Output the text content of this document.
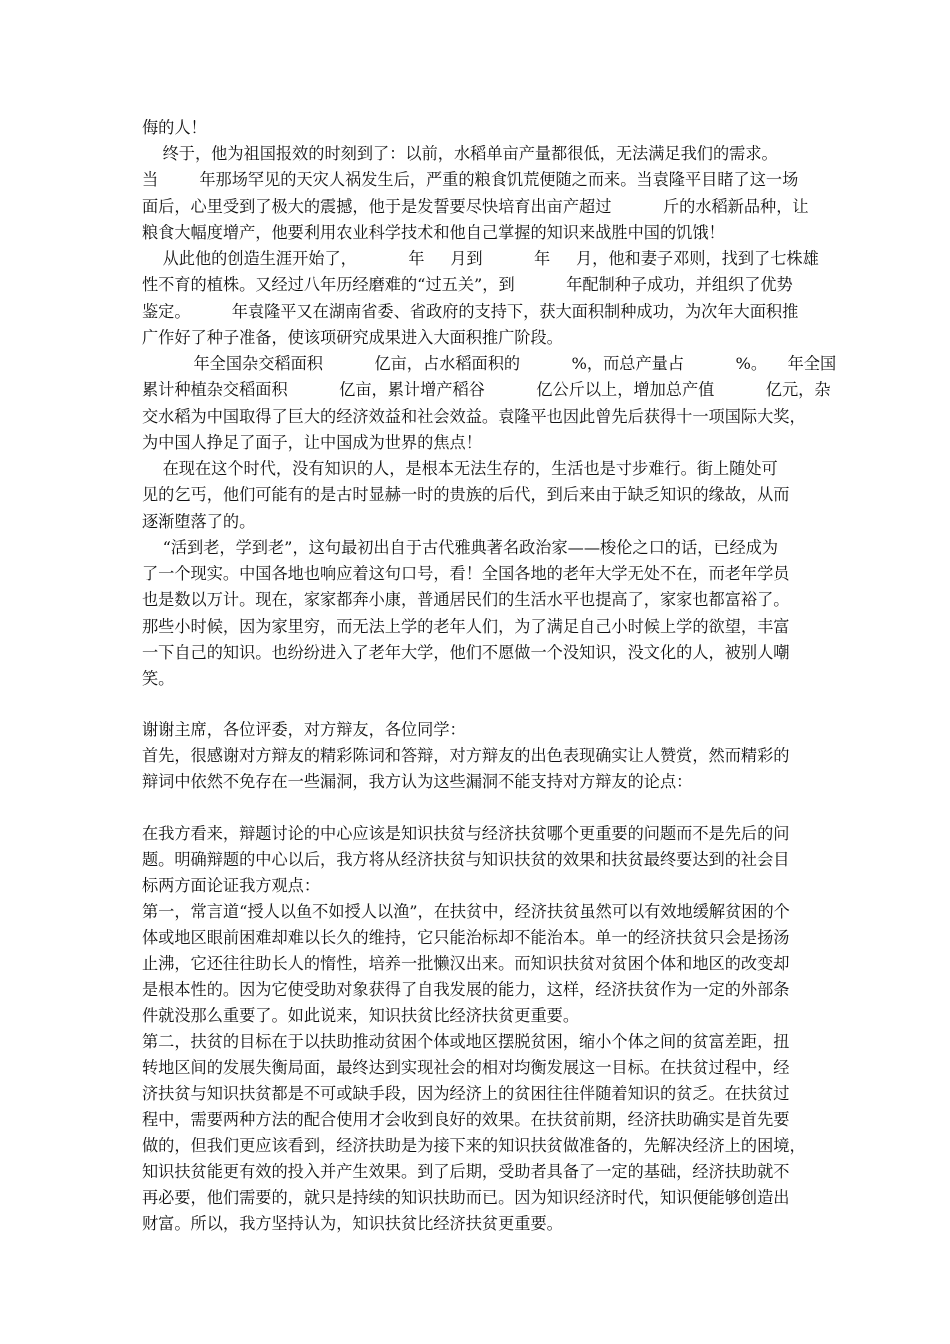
侮的人！
终于，他为祖国报效的时刻到了：以前，水稻单亩产量都很低，无法满足我们的需求。
当        年那场罕见的天灾人祸发生后，严重的粮食饥荒便随之而来。当袁隆平目睹了这一场
面后，心里受到了极大的震撼，他于是发誓要尽快培育出亩产超过          斤的水稻新品种，让
粮食大幅度增产，他要利用农业科学技术和他自己掌握的知识来战胜中国的饥饿！
从此他的创造生涯开始了，          年     月到          年     月，他和妻子邓则，找到了七株雄
性不育的植株。又经过八年历经磨难的“过五关”，到          年配制种子成功，并组织了优势
鉴定。        年袁隆平又在湖南省委、省政府的支持下，获大面积制种成功，为次年大面积推
广作好了种子准备，使该项研究成果进入大面积推广阶段。
年全国杂交稻面积          亿亩，占水稻面积的          %，而总产量占          %。    年全国
累计种植杂交稻面积          亿亩，累计增产稻谷          亿公斤以上，增加总产值          亿元，杂
交水稻为中国取得了巨大的经济效益和社会效益。袁隆平也因此曾先后获得十一项国际大奖，
为中国人挣足了面子，让中国成为世界的焦点！
在现在这个时代，没有知识的人，是根本无法生存的，生活也是寸步难行。街上随处可
见的乞丐，他们可能有的是古时显赫一时的贵族的后代，到后来由于缺乏知识的缘故，从而
逐渐堕落了的。
“活到老，学到老”，这句最初出自于古代雅典著名政治家——梭伦之口的话，已经成为
了一个现实。中国各地也响应着这句口号，看！全国各地的老年大学无处不在，而老年学员
也是数以万计。现在，家家都奔小康，普通居民们的生活水平也提高了，家家也都富裕了。
那些小时候，因为家里穷，而无法上学的老年人们，为了满足自己小时候上学的欲望，丰富
一下自己的知识。也纷纷进入了老年大学，他们不愿做一个没知识，没文化的人，被别人嘲
笑。
谢谢主席，各位评委，对方辩友，各位同学：
首先，很感谢对方辩友的精彩陈词和答辩，对方辩友的出色表现确实让人赞赏，然而精彩的
辩词中依然不免存在一些漏洞，我方认为这些漏洞不能支持对方辩友的论点：
在我方看来，辩题讨论的中心应该是知识扶贫与经济扶贫哪个更重要的问题而不是先后的问
题。明确辩题的中心以后，我方将从经济扶贫与知识扶贫的效果和扶贫最终要达到的社会目
标两方面论证我方观点：
第一，常言道“授人以鱼不如授人以渔”，在扶贫中，经济扶贫虽然可以有效地缓解贫困的个
体或地区眼前困难却难以长久的维持，它只能治标却不能治本。单一的经济扶贫只会是扬汤
止沸，它还往往助长人的惰性，培养一批懒汉出来。而知识扶贫对贫困个体和地区的改变却
是根本性的。因为它使受助对象获得了自我发展的能力，这样，经济扶贫作为一定的外部条
件就没那么重要了。如此说来，知识扶贫比经济扶贫更重要。
第二，扶贫的目标在于以扶助推动贫困个体或地区摆脱贫困，缩小个体之间的贫富差距，扭
转地区间的发展失衡局面，最终达到实现社会的相对均衡发展这一目标。在扶贫过程中，经
济扶贫与知识扶贫都是不可或缺手段，因为经济上的贫困往往伴随着知识的贫乏。在扶贫过
程中，需要两种方法的配合使用才会收到良好的效果。在扶贫前期，经济扶助确实是首先要
做的，但我们更应该看到，经济扶助是为接下来的知识扶贫做准备的，先解决经济上的困境，
知识扶贫能更有效的投入并产生效果。到了后期，受助者具备了一定的基础，经济扶助就不
再必要，他们需要的，就只是持续的知识扶助而已。因为知识经济时代，知识便能够创造出
财富。所以，我方坚持认为，知识扶贫比经济扶贫更重要。
